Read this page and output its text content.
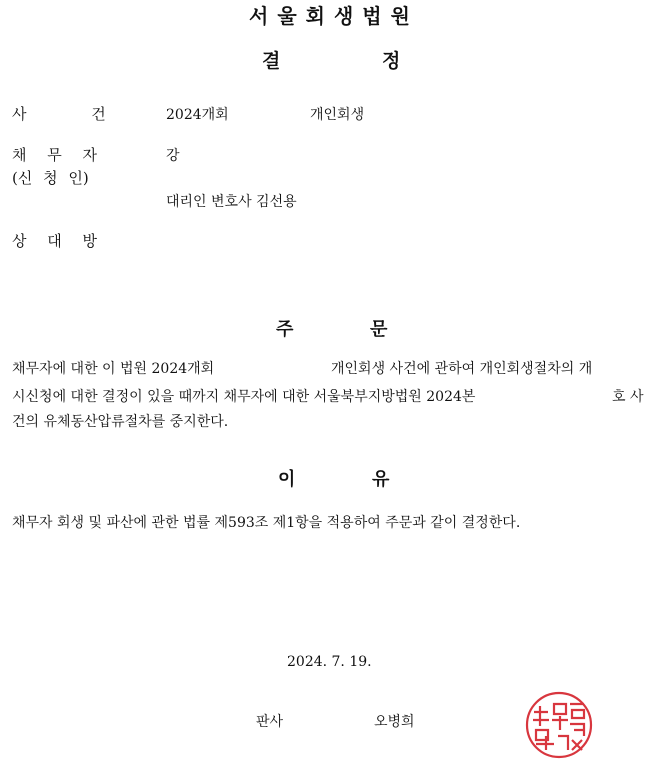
서울회생법원
결	정
사 건	2024개회	개인회생
채 무 자	강
(신 청 인)
대리인 변호사 김선용
상 대 방
주	문
채무자에 대한 이 법원 2024개회	개인회생 사건에 관하여 개인회생절차의 개
시신청에 대한 결정이 있을 때까지 채무자에 대한 서울북부지방법원 2024본	호 사
건의 유체동산압류절차를 중지한다.
이	유
채무자 회생 및 파산에 관한 법률 제593조 제1항을 적용하여 주문과 같이 결정한다.
2024. 7. 19.
판사	오병희
